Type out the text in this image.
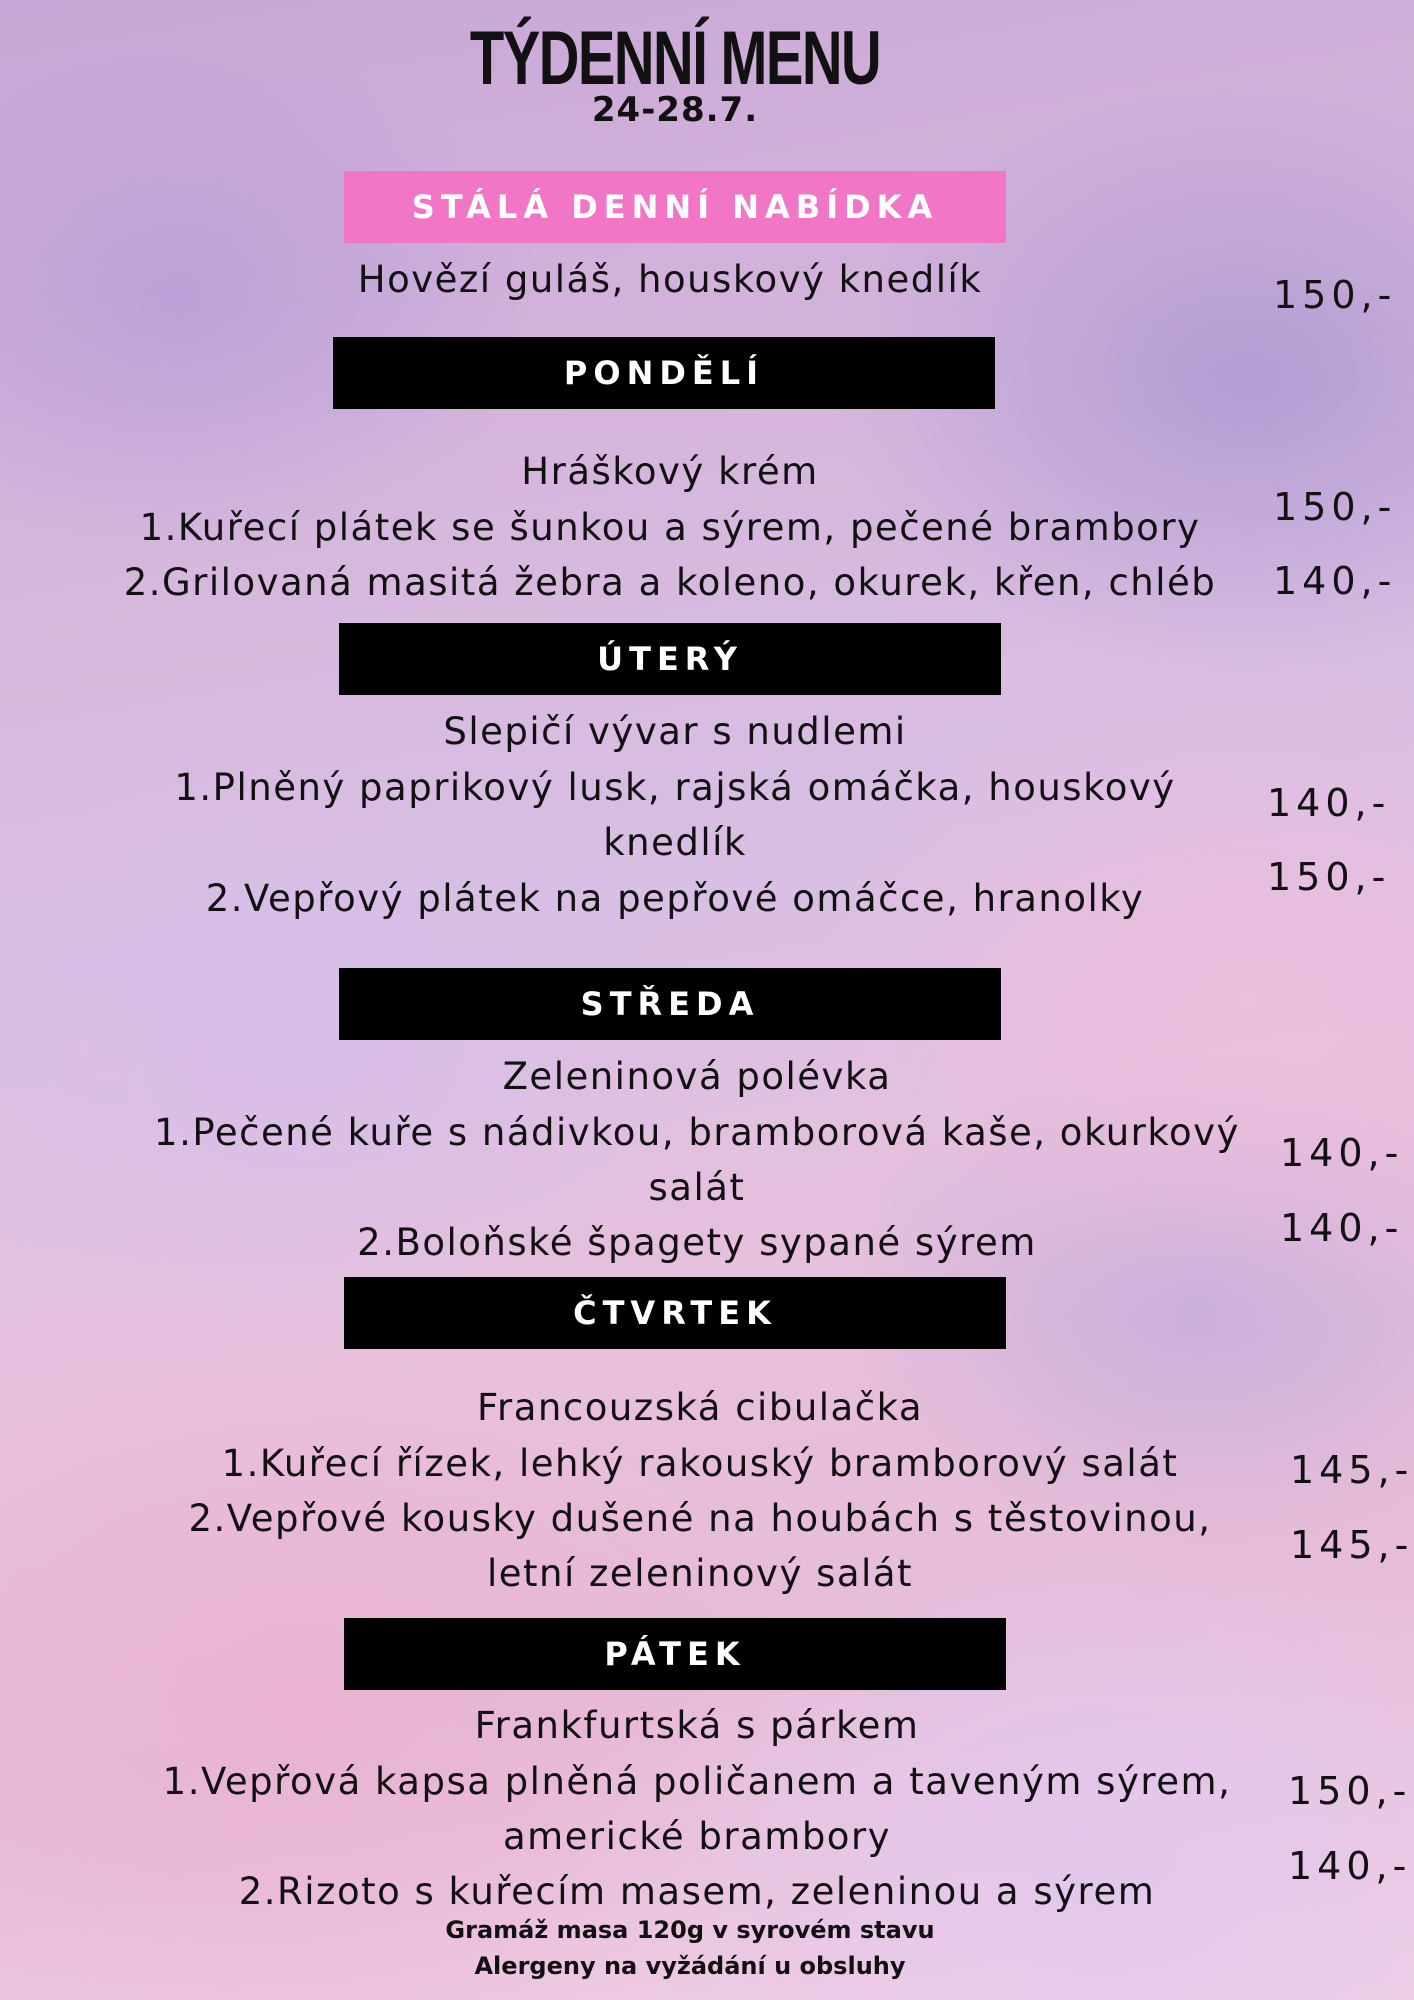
TÝDENNÍ MENU
24-28.7.
STÁLÁ DENNÍ NABÍDKA
Hovězí guláš, houskový knedlík	150,-
PONDĚLÍ
Hráškový krém
1.Kuřecí plátek se šunkou a sýrem, pečené brambory
2.Grilovaná masitá žebra a koleno, okurek, křen, chléb
150,-
140,-
ÚTERÝ
Slepičí vývar s nudlemi
1.Plněný paprikový lusk, rajská omáčka, houskový
knedlík
2.Vepřový plátek na pepřové omáčce, hranolky
140,-
150,-
STŘEDA
Zeleninová polévka
1.Pečené kuře s nádivkou, bramborová kaše, okurkový
salát
2.Boloňské špagety sypané sýrem
140,-
140,-
ČTVRTEK
Francouzská cibulačka
1.Kuřecí řízek, lehký rakouský bramborový salát
2.Vepřové kousky dušené na houbách s těstovinou,
letní zeleninový salát
145,-
145,-
PÁTEK
Frankfurtská s párkem
1.Vepřová kapsa plněná poličanem a taveným sýrem,
americké brambory
2.Rizoto s kuřecím masem, zeleninou a sýrem
150,-
140,-
Gramáž masa 120g v syrovém stavu
Alergeny na vyžádání u obsluhy
